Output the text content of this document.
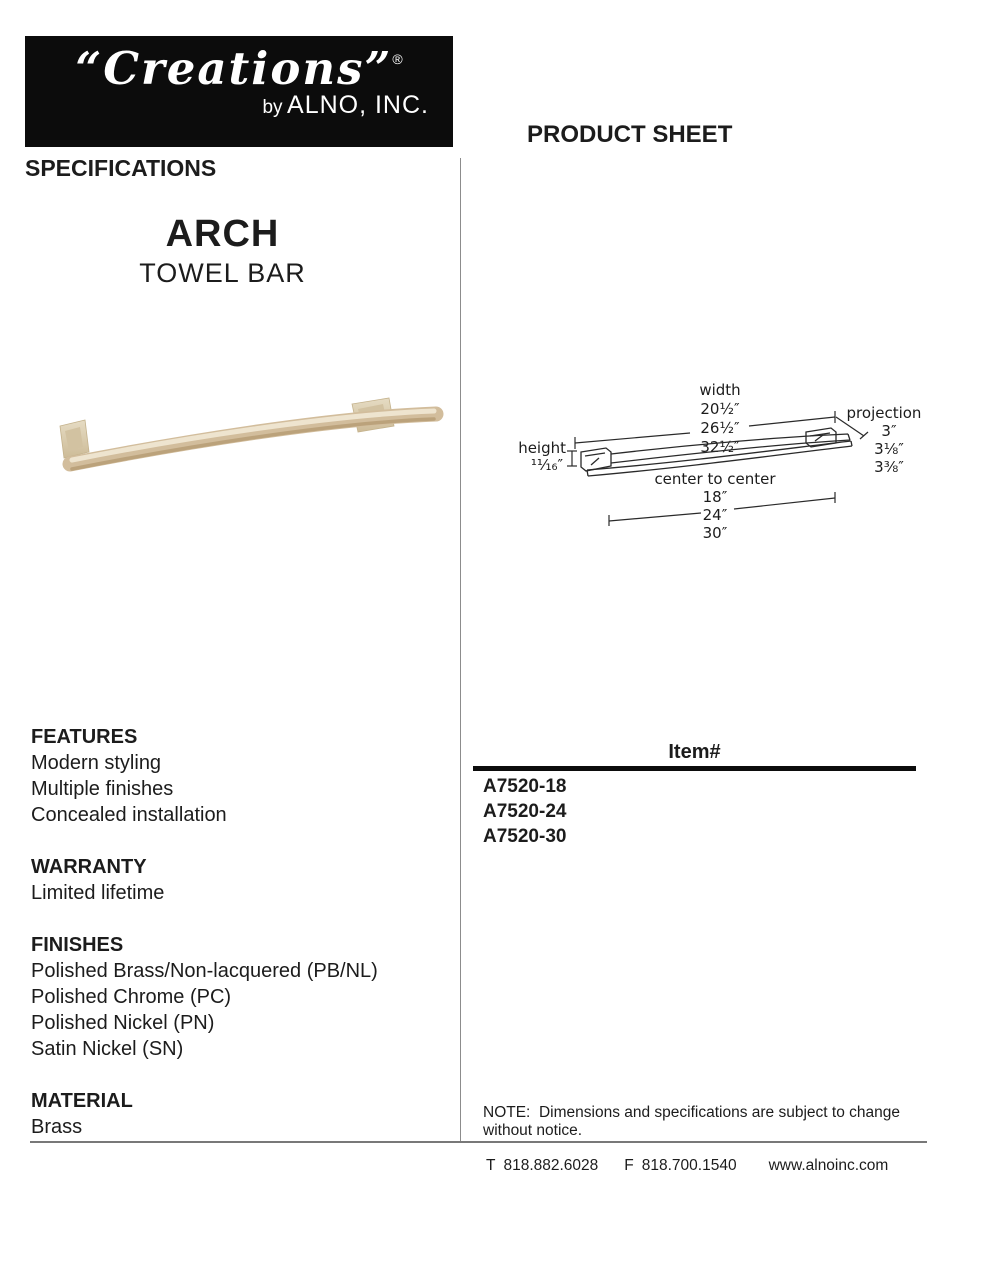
“Creations”®
by ALNO, INC.
SPECIFICATIONS
PRODUCT SHEET
ARCH
TOWEL BAR
width
20½″
26½″
32½″
projection
3″
3⅛″
3⅜″
height
¹¹⁄₁₆″
center to center
18″
24″
30″
FEATURES
Modern styling
Multiple finishes
Concealed installation
WARRANTY
Limited lifetime
FINISHES
Polished Brass/Non-lacquered (PB/NL)
Polished Chrome (PC)
Polished Nickel (PN)
Satin Nickel (SN)
MATERIAL
Brass
Item#
A7520-18
A7520-24
A7520-30
NOTE:  Dimensions and specifications are subject to change without notice.
T 818.882.6028 F 818.700.1540 www.alnoinc.com
